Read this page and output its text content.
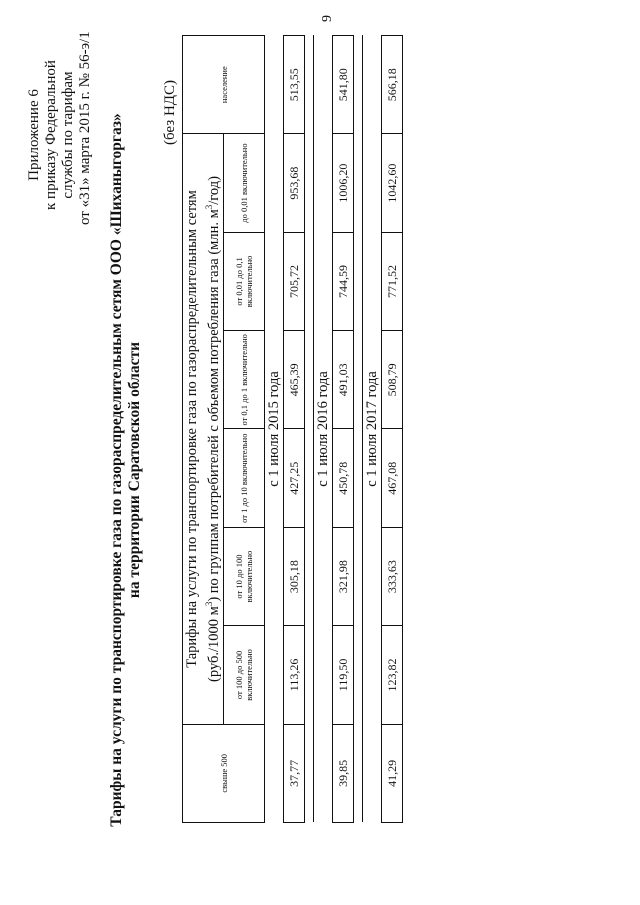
Приложение 6 к приказу Федеральной службы по тарифам от «31» марта 2015 г. № 56-э/1 Тарифы на услуги по транспортировке газа по газораспределительным сетям ООО «Шиханыгоргаз» на территории Саратовской области
(без НДС)
свыше 500	Тарифы на услуги по транспортировке газа по газораспределительным сетям (руб./1000 $м^3$) по группам потребителей с объемом потребления газа (млн. $м^3/год$)						население
	от 100 до 500 включительно	от 10 до 100 включительно	от 1 до 10 включительно	от 0,1 до 1 включительно	от 0,01 до 0,1 включительно	до 0,01 включительно	
с 1 июля 2015 года							
37,77	113,26	305,18	427,25	465,39	705,72	953,68	513,55

с 1 июля 2016 года							
39,85	119,50	321,98	450,78	491,03	744,59	1006,20	541,80

с 1 июля 2017 года							
41,29	123,82	333,63	467,08	508,79	771,52	1042,60	566,18
9
